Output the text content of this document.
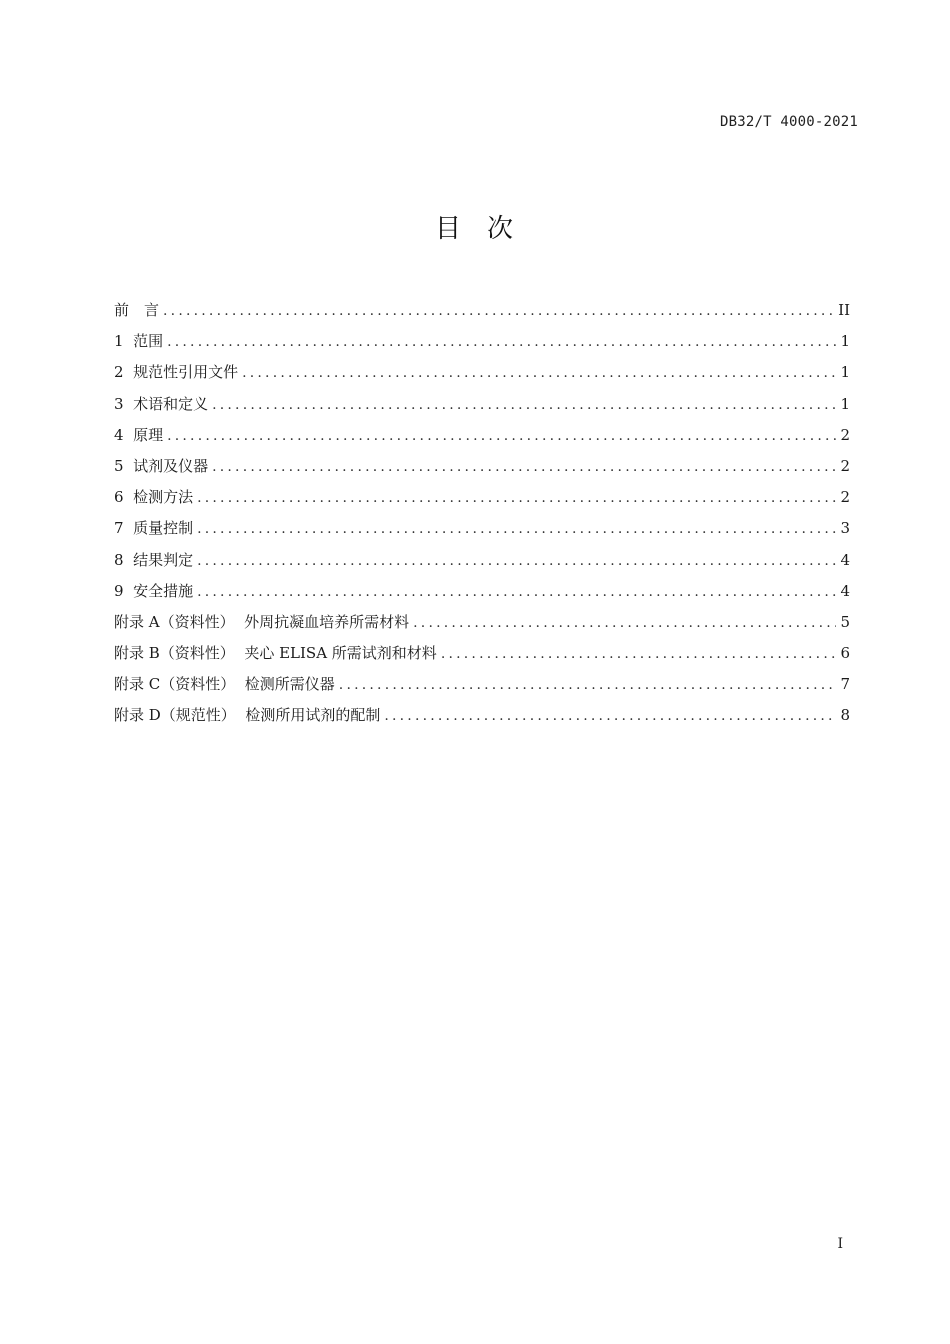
DB32/T 4000-2021
目次
前　言 .....	II
1  范围 .....	1
2  规范性引用文件 .....	1
3  术语和定义 .....	1
4  原理 .....	2
5  试剂及仪器 .....	2
6  检测方法 .....	2
7  质量控制 .....	3
8  结果判定 .....	4
9  安全措施 .....	4
附录 A（资料性）  外周抗凝血培养所需材料 .....	5
附录 B（资料性）  夹心 ELISA 所需试剂和材料 .....	6
附录 C（资料性）  检测所需仪器 .....	7
附录 D（规范性）  检测所用试剂的配制 .....	8
I
